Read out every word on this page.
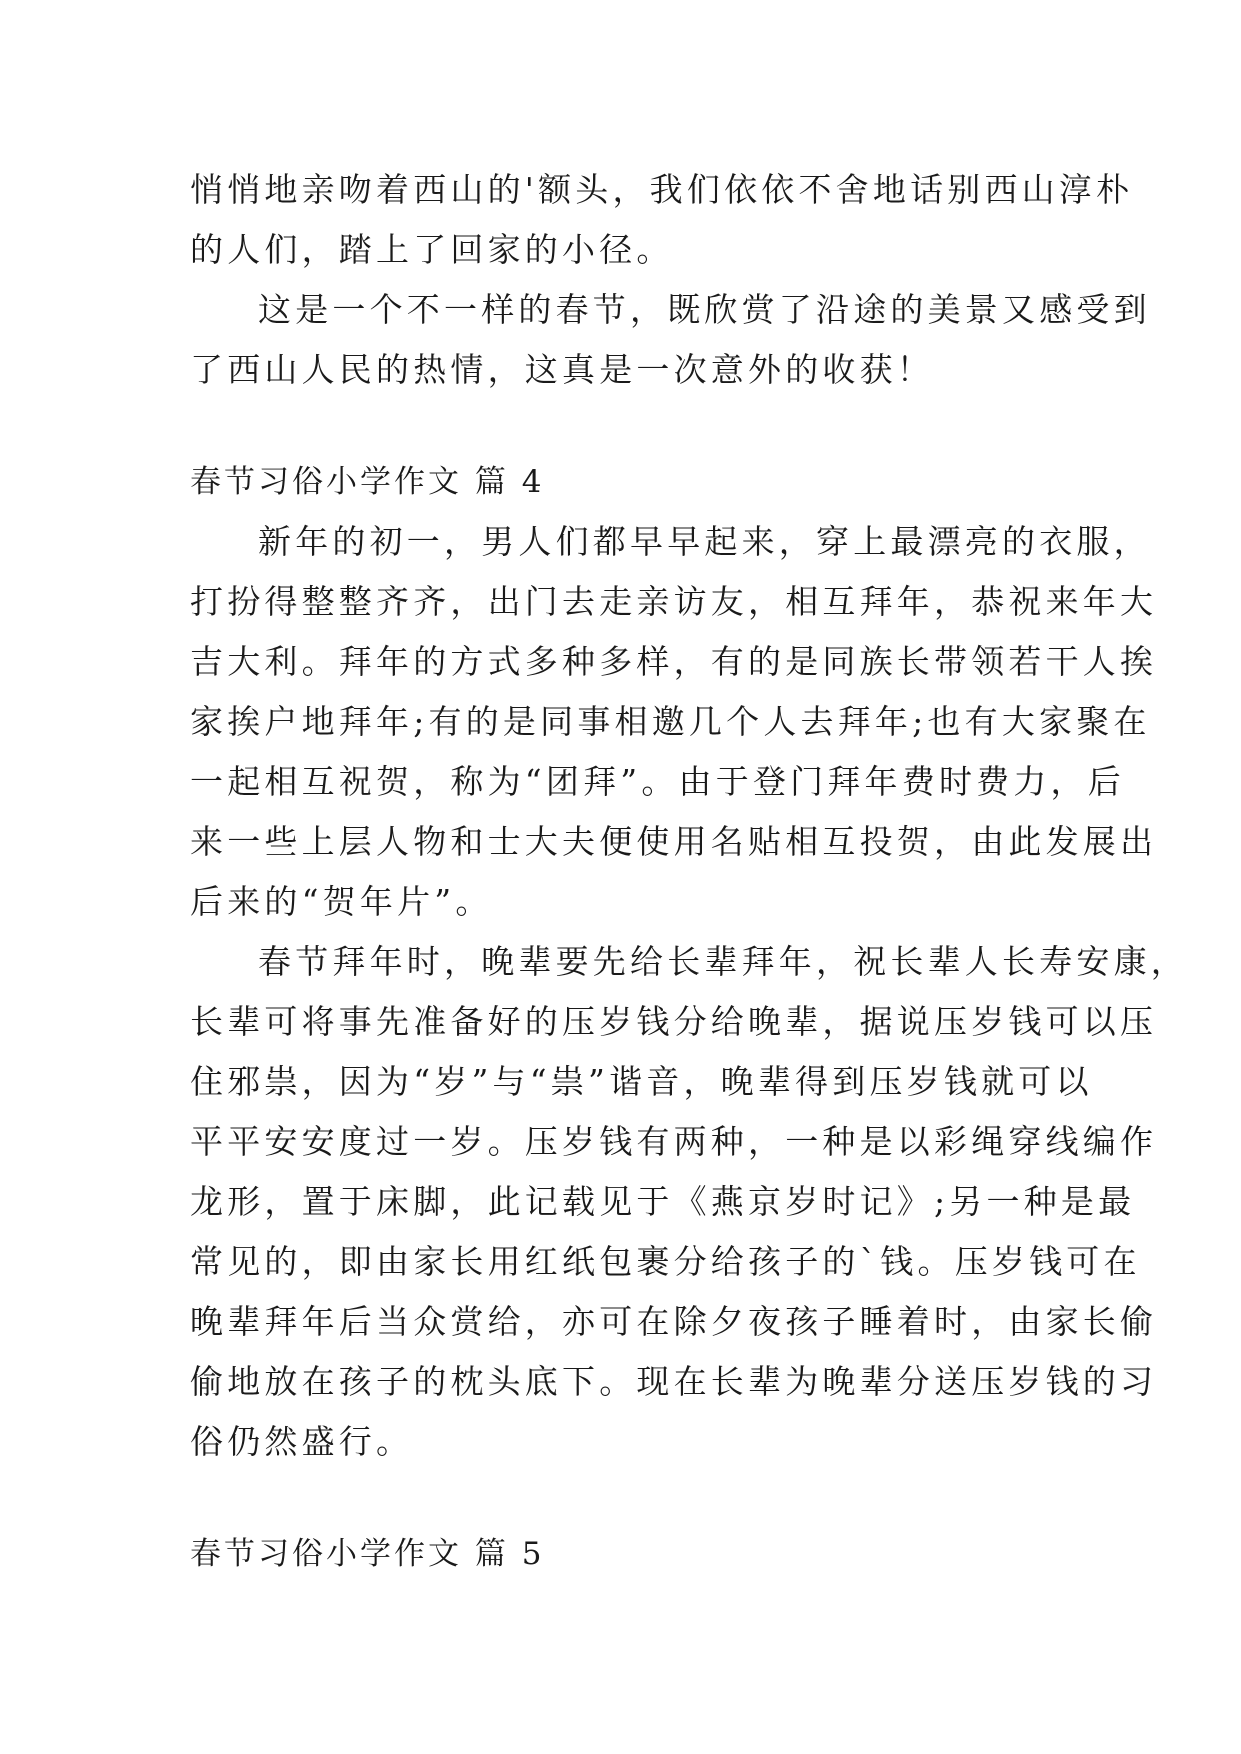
悄悄地亲吻着西山的'额头，我们依依不舍地话别西山淳朴
的人们，踏上了回家的小径。
这是一个不一样的春节，既欣赏了沿途的美景又感受到
了西山人民的热情，这真是一次意外的收获！
春节习俗小学作文 篇 4
新年的初一，男人们都早早起来，穿上最漂亮的衣服，
打扮得整整齐齐，出门去走亲访友，相互拜年，恭祝来年大
吉大利。拜年的方式多种多样，有的是同族长带领若干人挨
家挨户地拜年;有的是同事相邀几个人去拜年;也有大家聚在
一起相互祝贺，称为“团拜”。由于登门拜年费时费力，后
来一些上层人物和士大夫便使用名贴相互投贺，由此发展出
后来的“贺年片”。
春节拜年时，晚辈要先给长辈拜年，祝长辈人长寿安康，
长辈可将事先准备好的压岁钱分给晚辈，据说压岁钱可以压
住邪祟，因为“岁”与“祟”谐音，晚辈得到压岁钱就可以
平平安安度过一岁。压岁钱有两种，一种是以彩绳穿线编作
龙形，置于床脚，此记载见于《燕京岁时记》;另一种是最
常见的，即由家长用红纸包裹分给孩子的`钱。压岁钱可在
晚辈拜年后当众赏给，亦可在除夕夜孩子睡着时，由家长偷
偷地放在孩子的枕头底下。现在长辈为晚辈分送压岁钱的习
俗仍然盛行。
春节习俗小学作文 篇 5
